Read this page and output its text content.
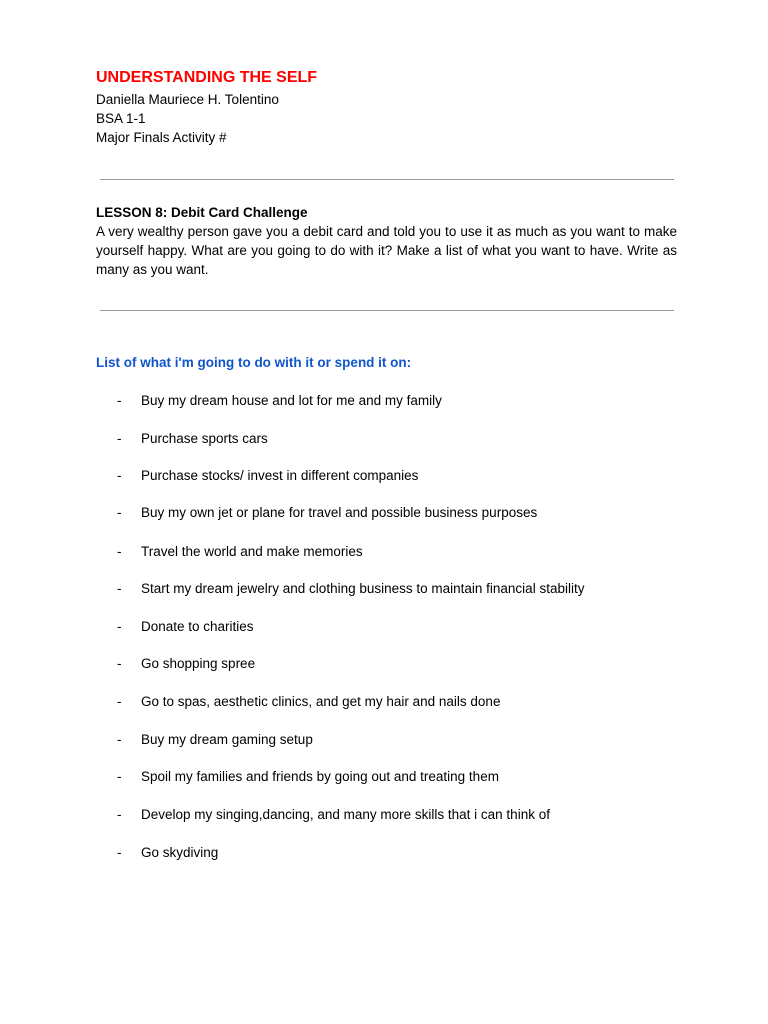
UNDERSTANDING THE SELF
Daniella Mauriece H. Tolentino
BSA 1-1
Major Finals Activity #
LESSON 8: Debit Card Challenge

A very wealthy person gave you a debit card and told you to use it as much as you want to make yourself happy. What are you going to do with it? Make a list of what you want to have. Write as many as you want.

List of what i'm going to do with it or spend it on:
- Buy my dream house and lot for me and my family
- Purchase sports cars
- Purchase stocks/ invest in different companies
- Buy my own jet or plane for travel and possible business purposes
- Travel the world and make memories
- Start my dream jewelry and clothing business to maintain financial stability
- Donate to charities
- Go shopping spree
- Go to spas, aesthetic clinics, and get my hair and nails done
- Buy my dream gaming setup
- Spoil my families and friends by going out and treating them
- Develop my singing,dancing, and many more skills that i can think of
- Go skydiving
